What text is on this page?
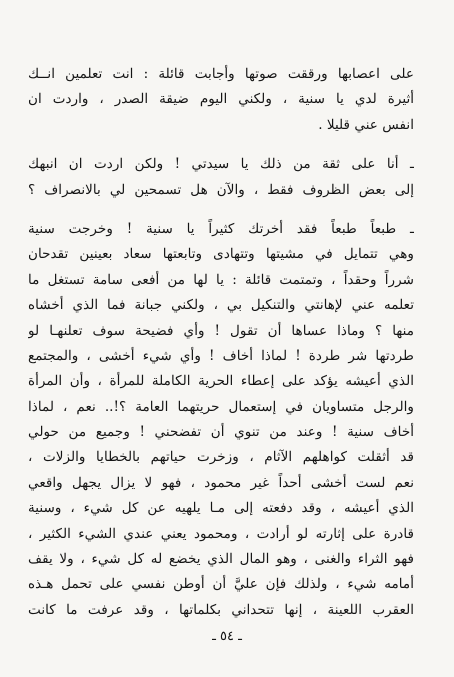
على اعصابها ورققت صوتها وأجابت قائلة : انت تعلمين انــك
أثيرة لدي يا سنية ، ولكني اليوم ضيقة الصدر ، واردت ان
انفس عني قليلا .
ـ أنا على ثقة من ذلك يا سيدتي ! ولكن اردت ان انبهك
إلى بعض الظروف فقط ، والآن هل تسمحين لي بالانصراف ؟
ـ طبعاً طبعاً فقد أخرتك كثيراً يا سنية ! وخرجت سنية
وهي تتمايل في مشيتها وتتهادى وتابعتها سعاد بعينين تقدحان
شرراً وحقداً ، وتمتمت قائلة : يا لها من أفعى سامة تستغل ما
تعلمه عني لإهانتي والتنكيل بي ، ولكني جبانة فما الذي أخشاه
منها ؟ وماذا عساها أن تقول ! وأي فضيحة سوف تعلنهـا لو
طردتها شر طردة ! لماذا أخاف ! وأي شيء أخشى ، والمجتمع
الذي أعيشه يؤكد على إعطاء الحرية الكاملة للمرأة ، وأن المرأة
والرجل متساويان في إستعمال حريتهما العامة ؟!.. نعم ، لماذا
أخاف سنية ! وعند من تنوي أن تفضحني ! وجميع من حولي
قد أثقلت كواهلهم الآثام ، وزخرت حياتهم بالخطايا والزلات ،
نعم لست أخشى أحداً غير محمود ، فهو لا يزال يجهل واقعي
الذي أعيشه ، وقد دفعته إلى مـا يلهيه عن كل شيء ، وسنية
قادرة على إثارته لو أرادت ، ومحمود يعني عندي الشيء الكثير ،
فهو الثراء والغنى ، وهو المال الذي يخضع له كل شيء ، ولا يقف
أمامه شيء ، ولذلك فإن عليَّ أن أوطن نفسي على تحمل هـذه
العقرب اللعينة ، إنها تتحداني بكلماتها ، وقد عرفت ما كانت
ـ ٥٤ ـ
